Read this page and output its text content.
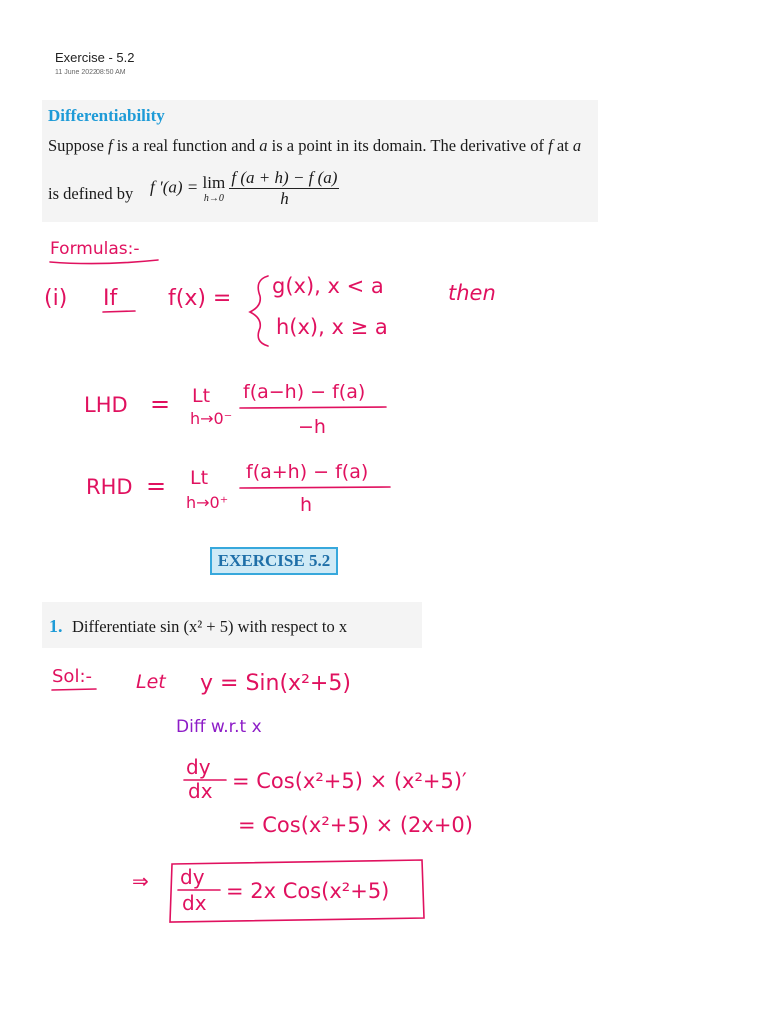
Exercise - 5.2
11 June 2022 08:50 AM
Differentiability
Suppose f is a real function and a is a point in its domain. The derivative of f at a
is defined by f ′(a) = lim
h→0
$\frac{f (a + h) - f (a)}{h}$
EXERCISE 5.2
1. Differentiate sin (x² + 5) with respect to x
Formulas:-
(i) If f(x) = g(x), x < a
h(x), x ≥ a
then
LHD = Lt
h→0⁻
f(a−h) − f(a)
−h
RHD = Lt
h→0⁺
f(a+h) − f(a)
h
Sol:- Let y = Sin(x²+5)
Diff w.r.t x
dy
dx = Cos(x²+5) × (x²+5)′
= Cos(x²+5) × (2x+0)
⇒ dy
dx = 2x Cos(x²+5)
